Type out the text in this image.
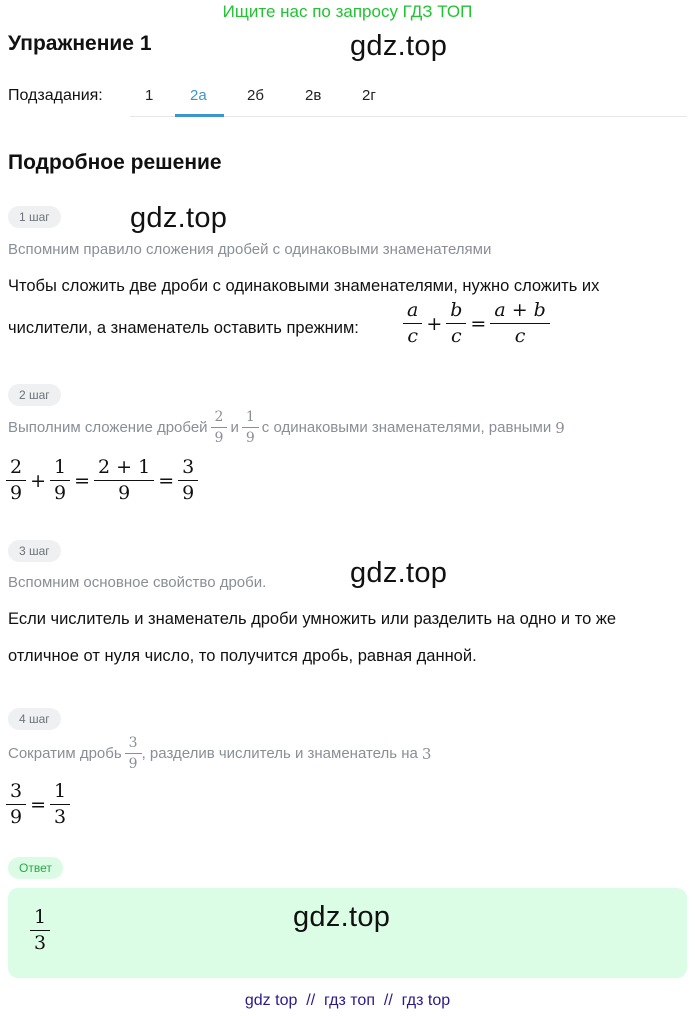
Ищите нас по запросу ГДЗ ТОП
Упражнение 1	gdz.top
Подзадания:	1 2а	2б	2в	2г
Подробное решение
1 шаг	gdz.top
Вспомним правило сложения дробей с одинаковыми знаменателями
Чтобы сложить две дроби с одинаковыми знаменателями, нужно сложить их
числители, а знаменатель оставить прежним: $\frac{a}{c} + \frac{b}{c} = \frac{a + b}{c}$
2 шаг
Выполним сложение дробей $\frac{2}{9}$ и $\frac{1}{9}$ с одинаковыми знаменателями, равными 9
$\frac{2}{9} + \frac{1}{9} = \frac{2 + 1}{9} = \frac{3}{9}$
3 шаг
gdz.top
Вспомним основное свойство дроби.
Если числитель и знаменатель дроби умножить или разделить на одно и то же
отличное от нуля число, то получится дробь, равная данной.
4 шаг
Сократим дробь $\frac{3}{9}$ , разделив числитель и знаменатель на 3
$\frac{3}{9} = \frac{1}{3}$
Ответ
$\frac{1}{3}$	gdz.top
gdz top  //  гдз топ  //  гдз top
